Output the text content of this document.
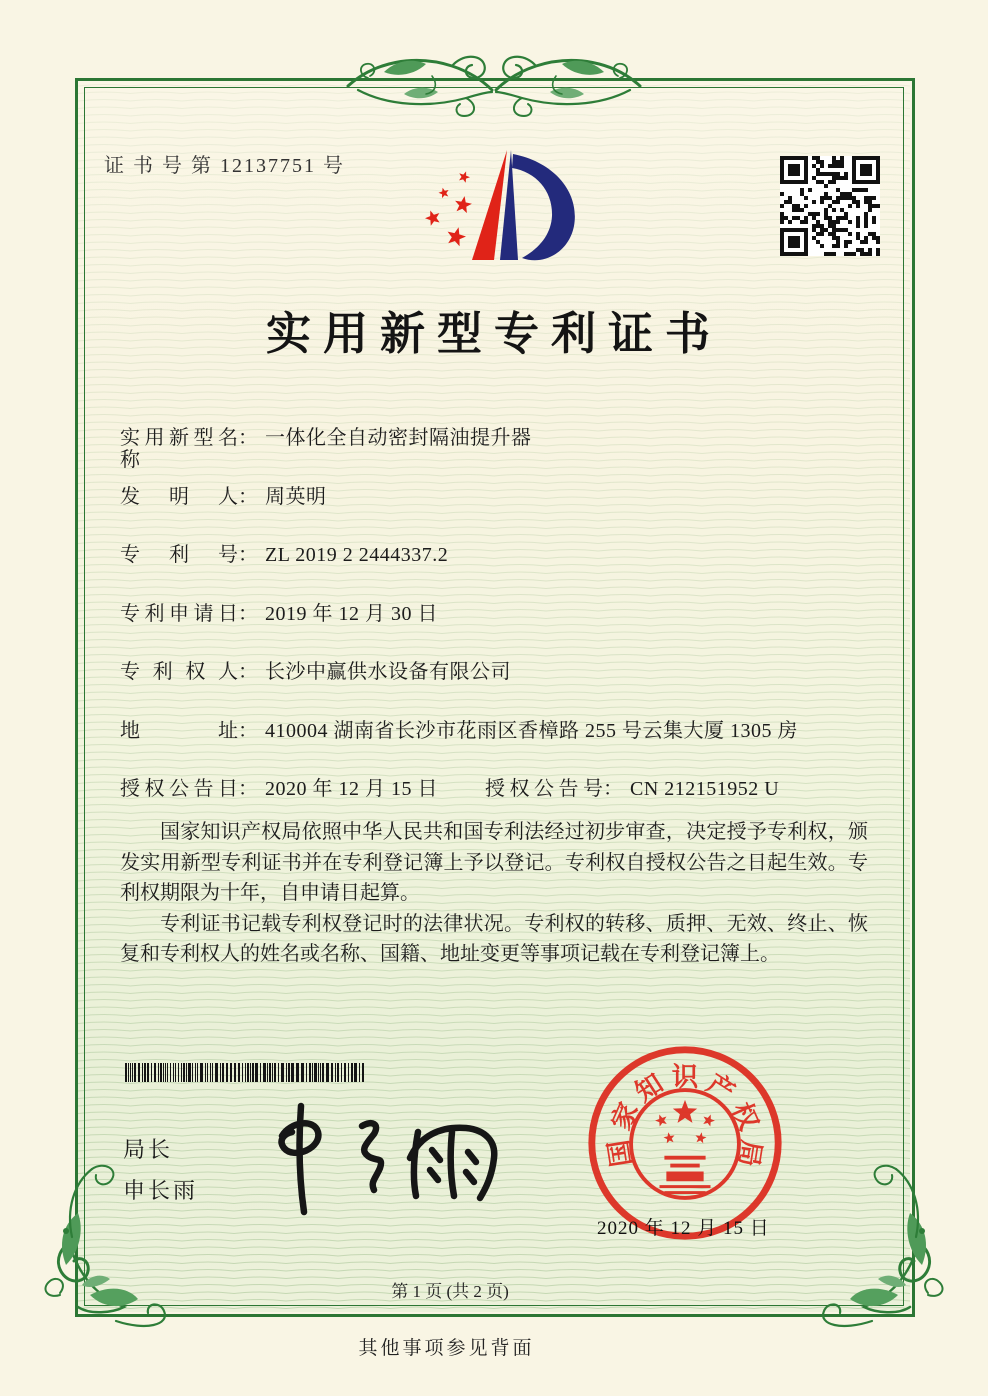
证 书 号 第 12137751 号
实用新型专利证书
实用新型名称： 一体化全自动密封隔油提升器
发明人： 周英明
专利号： ZL 2019 2 2444337.2
专利申请日： 2019 年 12 月 30 日
专利权人： 长沙中赢供水设备有限公司
地址： 410004 湖南省长沙市花雨区香樟路 255 号云集大厦 1305 房
授权公告日： 2020 年 12 月 15 日 授权公告号： CN 212151952 U

国家知识产权局依照中华人民共和国专利法经过初步审查，决定授予专利权，颁发实用新型专利证书并在专利登记簿上予以登记。专利权自授权公告之日起生效。专利权期限为十年，自申请日起算。

专利证书记载专利权登记时的法律状况。专利权的转移、质押、无效、终止、恢复和专利权人的姓名或名称、国籍、地址变更等事项记载在专利登记簿上。

局长
申长雨
国
家
知 识 产
权
局
2020 年 12 月 15 日
第 1 页 (共 2 页)
其他事项参见背面
